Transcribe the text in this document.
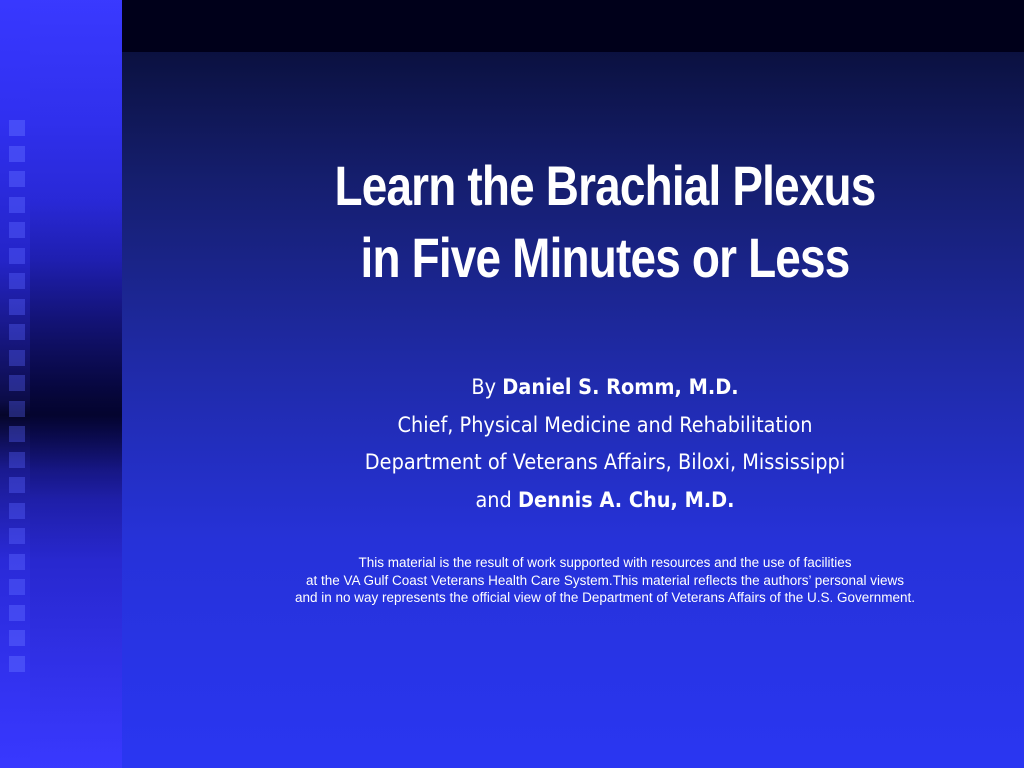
Learn the Brachial Plexus
in Five Minutes or Less
By Daniel S. Romm, M.D.
Chief, Physical Medicine and Rehabilitation
Department of Veterans Affairs, Biloxi, Mississippi
and Dennis A. Chu, M.D.
This material is the result of work supported with resources and the use of facilities
at the VA Gulf Coast Veterans Health Care System.This material reflects the authors’ personal views
and in no way represents the official view of the Department of Veterans Affairs of the U.S. Government.
